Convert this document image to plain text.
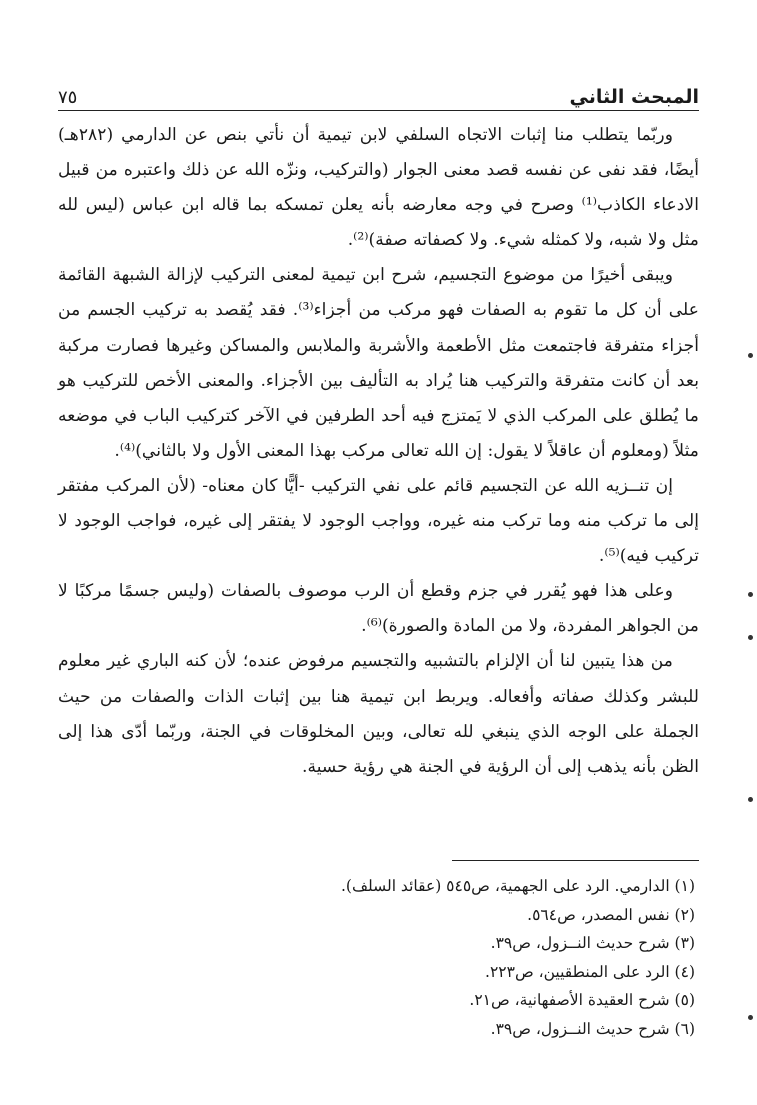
٧٥	المبحث الثاني

وربّما يتطلب منا إثبات الاتجاه السلفي لابن تيمية أن نأتي بنص عن الدارمي (٢٨٢هـ) أيضًا، فقد نفى عن نفسه قصد معنى الجوار (والتركيب، ونزّه الله عن ذلك واعتبره من قبيل الادعاء الكاذب⁽¹⁾ وصرح في وجه معارضه بأنه يعلن تمسكه بما قاله ابن عباس (ليس لله مثل ولا شبه، ولا كمثله شيء. ولا كصفاته صفة)⁽²⁾.

ويبقى أخيرًا من موضوع التجسيم، شرح ابن تيمية لمعنى التركيب لإزالة الشبهة القائمة على أن كل ما تقوم به الصفات فهو مركب من أجزاء⁽³⁾. فقد يُقصد به تركيب الجسم من أجزاء متفرقة فاجتمعت مثل الأطعمة والأشربة والملابس والمساكن وغيرها فصارت مركبة بعد أن كانت متفرقة والتركيب هنا يُراد به التأليف بين الأجزاء. والمعنى الأخص للتركيب هو ما يُطلق على المركب الذي لا يَمتزج فيه أحد الطرفين في الآخر كتركيب الباب في موضعه مثلاً (ومعلوم أن عاقلاً لا يقول: إن الله تعالى مركب بهذا المعنى الأول ولا بالثاني)⁽⁴⁾.

إن تنــزيه الله عن التجسيم قائم على نفي التركيب -أيًّا كان معناه- (لأن المركب مفتقر إلى ما تركب منه وما تركب منه غيره، وواجب الوجود لا يفتقر إلى غيره، فواجب الوجود لا تركيب فيه)⁽⁵⁾.

وعلى هذا فهو يُقرر في جزم وقطع أن الرب موصوف بالصفات (وليس جسمًا مركبًا لا من الجواهر المفردة، ولا من المادة والصورة)⁽⁶⁾.

من هذا يتبين لنا أن الإلزام بالتشبيه والتجسيم مرفوض عنده؛ لأن كنه الباري غير معلوم للبشر وكذلك صفاته وأفعاله. ويربط ابن تيمية هنا بين إثبات الذات والصفات من حيث الجملة على الوجه الذي ينبغي لله تعالى، وبين المخلوقات في الجنة، وربّما أدّى هذا إلى الظن بأنه يذهب إلى أن الرؤية في الجنة هي رؤية حسية.

(١) الدارمي. الرد على الجهمية، ص٥٤٥ (عقائد السلف).
(٢) نفس المصدر، ص٥٦٤.
(٣) شرح حديث النــزول، ص٣٩.
(٤) الرد على المنطقيين، ص٢٢٣.
(٥) شرح العقيدة الأصفهانية، ص٢١.
(٦) شرح حديث النــزول، ص٣٩.
